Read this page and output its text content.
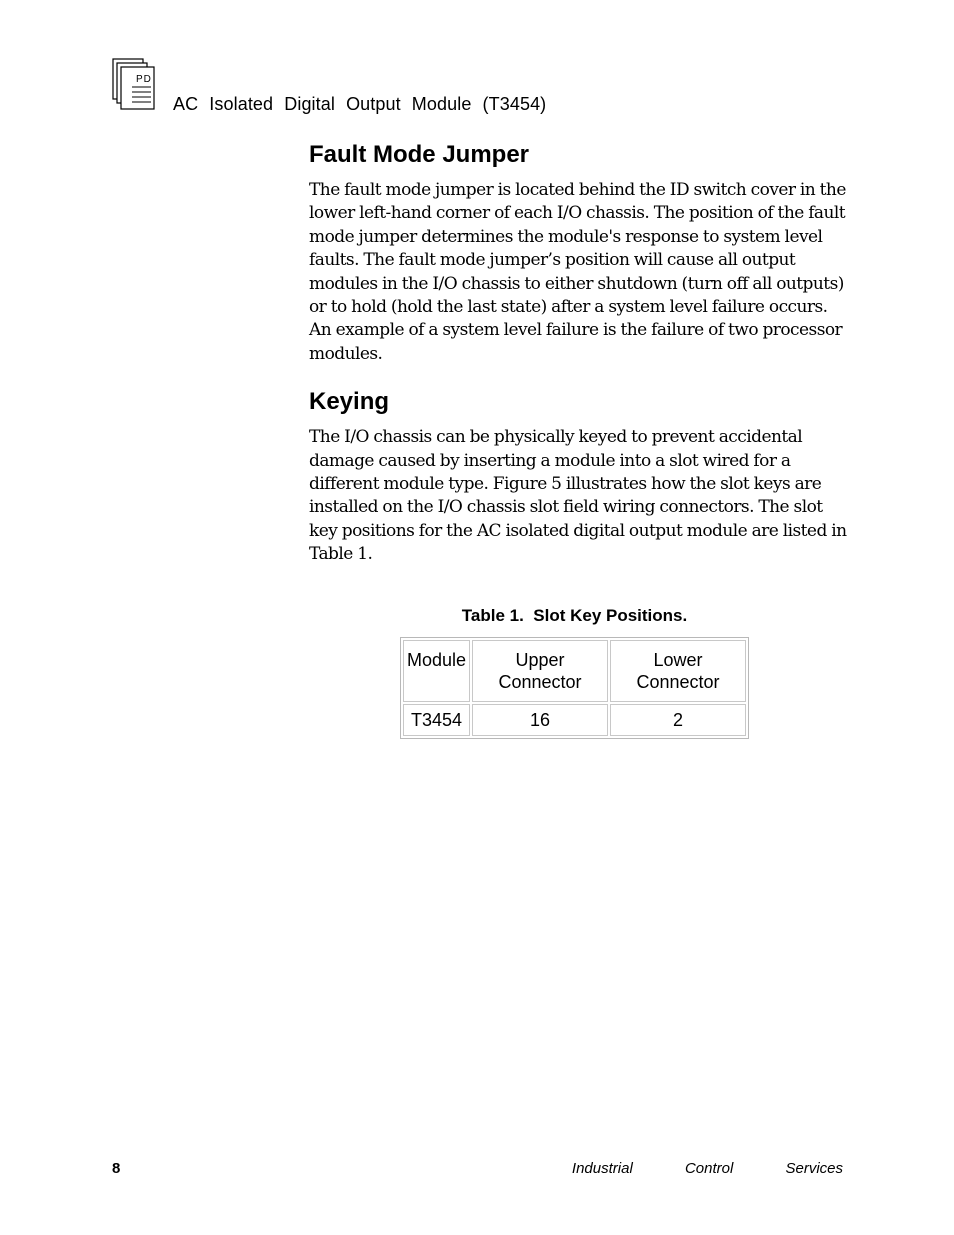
PD
AC Isolated Digital Output Module (T3454)
Fault Mode Jumper

The fault mode jumper is located behind the ID switch cover in the lower left-hand corner of each I/O chassis. The position of the fault mode jumper determines the module's response to system level faults. The fault mode jumper’s position will cause all output modules in the I/O chassis to either shutdown (turn off all outputs) or to hold (hold the last state) after a system level failure occurs. An example of a system level failure is the failure of two processor modules.

Keying

The I/O chassis can be physically keyed to prevent accidental damage caused by inserting a module into a slot wired for a different module type. Figure 5 illustrates how the slot keys are installed on the I/O chassis slot field wiring connectors. The slot key positions for the AC isolated digital output module are listed in Table 1.

Table 1.  Slot Key Positions.
Module	Upper Connector	Lower Connector
T3454	16	2
8	Industrial Control Services
